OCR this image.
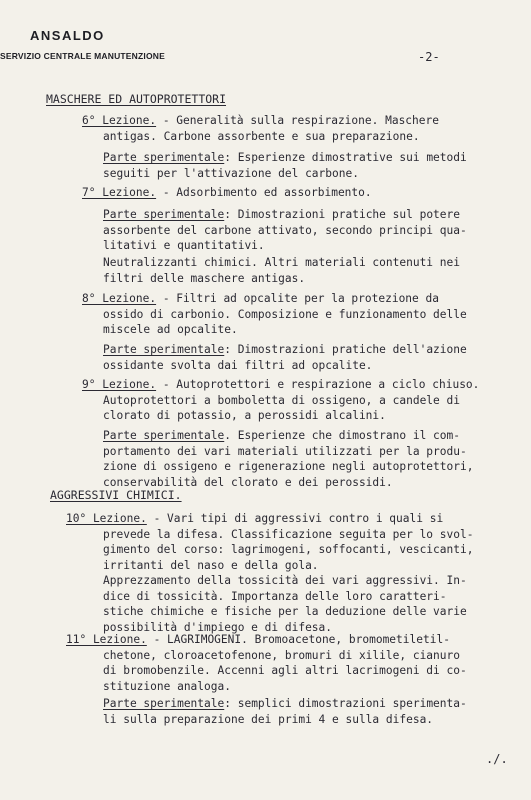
ANSALDO
SERVIZIO CENTRALE MANUTENZIONE	-2-
MASCHERE ED AUTOPROTETTORI
6° Lezione. - Generalità sulla respirazione. Maschere
antigas. Carbone assorbente e sua preparazione.
Parte sperimentale: Esperienze dimostrative sui metodi
seguiti per l'attivazione del carbone.
7° Lezione. - Adsorbimento ed assorbimento.
Parte sperimentale: Dimostrazioni pratiche sul potere
assorbente del carbone attivato, secondo principi qua-
litativi e quantitativi.
Neutralizzanti chimici. Altri materiali contenuti nei
filtri delle maschere antigas.
8° Lezione. - Filtri ad opcalite per la protezione da
ossido di carbonio. Composizione e funzionamento delle
miscele ad opcalite.
Parte sperimentale: Dimostrazioni pratiche dell'azione
ossidante svolta dai filtri ad opcalite.
9° Lezione. - Autoprotettori e respirazione a ciclo chiuso.
Autoprotettori a bomboletta di ossigeno, a candele di
clorato di potassio, a perossidi alcalini.
Parte sperimentale. Esperienze che dimostrano il com-
portamento dei vari materiali utilizzati per la produ-
zione di ossigeno e rigenerazione negli autoprotettori,
conservabilità del clorato e dei perossidi.
AGGRESSIVI CHIMICI.
10° Lezione. - Vari tipi di aggressivi contro i quali si
prevede la difesa. Classificazione seguita per lo svol-
gimento del corso: lagrimogeni, soffocanti, vescicanti,
irritanti del naso e della gola.
Apprezzamento della tossicità dei vari aggressivi. In-
dice di tossicità. Importanza delle loro caratteri-
stiche chimiche e fisiche per la deduzione delle varie
possibilità d'impiego e di difesa.
11° Lezione. - LAGRIMOGENI. Bromoacetone, bromometiletil-
chetone, cloroacetofenone, bromuri di xilile, cianuro
di bromobenzile. Accenni agli altri lacrimogeni di co-
stituzione analoga.
Parte sperimentale: semplici dimostrazioni sperimenta-
li sulla preparazione dei primi 4 e sulla difesa.
./.
